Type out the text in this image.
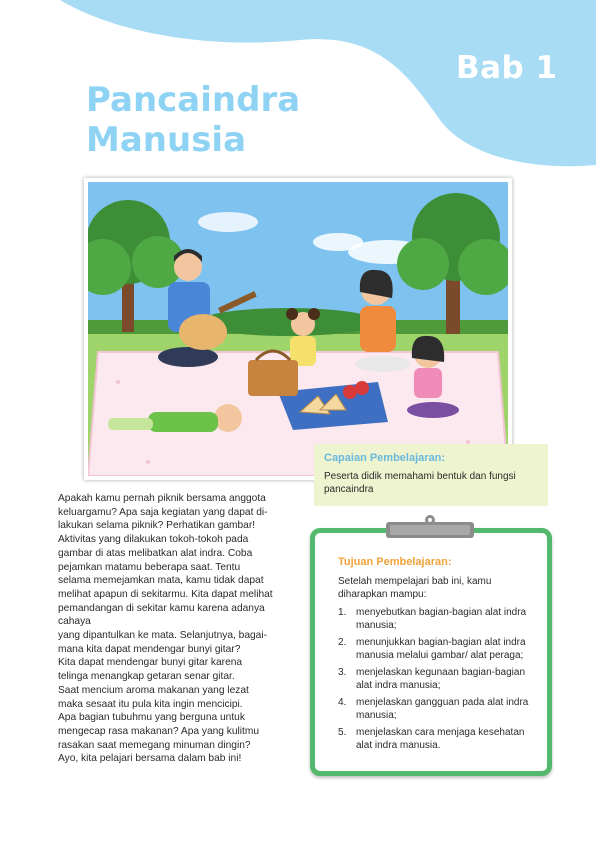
Bab 1
Pancaindra
Manusia
Capaian Pembelajaran:
Peserta didik memahami bentuk dan fungsi pancaindra

Apakah kamu pernah piknik bersama anggota

keluargamu? Apa saja kegiatan yang dapat di-

lakukan selama piknik? Perhatikan gambar!

Aktivitas yang dilakukan tokoh-tokoh pada

gambar di atas melibatkan alat indra. Coba

pejamkan matamu beberapa saat. Tentu

selama memejamkan mata, kamu tidak dapat

melihat apapun di sekitarmu. Kita dapat melihat

pemandangan di sekitar kamu karena adanya cahaya

yang dipantulkan ke mata. Selanjutnya, bagai-

mana kita dapat mendengar bunyi gitar?

Kita dapat mendengar bunyi gitar karena

telinga menangkap getaran senar gitar.

Saat mencium aroma makanan yang lezat

maka sesaat itu pula kita ingin mencicipi.

Apa bagian tubuhmu yang berguna untuk

mengecap rasa makanan? Apa yang kulitmu

rasakan saat memegang minuman dingin?

Ayo, kita pelajari bersama dalam bab ini!

Tujuan Pembelajaran:
Setelah mempelajari bab ini, kamu diharapkan mampu:
1. menyebutkan bagian-bagian alat indra manusia;
2. menunjukkan bagian-bagian alat indra manusia melalui gambar/ alat peraga;
3. menjelaskan kegunaan bagian-bagian alat indra manusia;
4. menjelaskan gangguan pada alat indra manusia;
5. menjelaskan cara menjaga kesehatan alat indra manusia.
